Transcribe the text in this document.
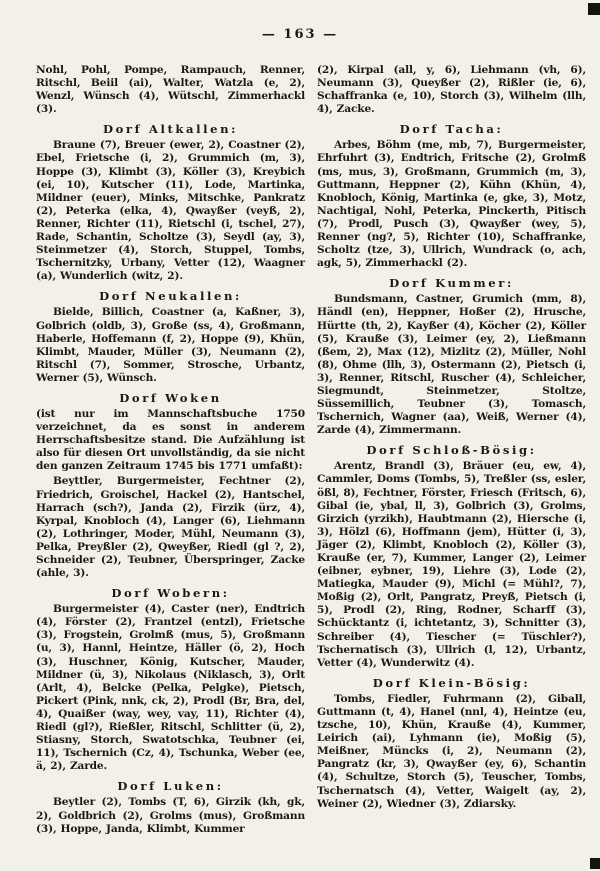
— 163 —

Nohl, Pohl, Pompe, Rampauch, Renner, Ritschl, Beiil (ai), Walter, Watzla (e, 2), Wenzl, Wünsch (4), Wütschl, Zimmerhackl (3).

Dorf Altkallen:

Braune (7), Breuer (ewer, 2), Coastner (2), Ebel, Frietsche (i, 2), Grummich (m, 3), Hoppe (3), Klimbt (3), Köller (3), Kreybich (ei, 10), Kutscher (11), Lode, Martinka, Mildner (euer), Minks, Mitschke, Pankratz (2), Peterka (elka, 4), Qwayßer (veyß, 2), Renner, Richter (11), Rietschl (i, tschel, 27), Rade, Schantin, Scholtze (3), Seydl (ay, 3), Steinmetzer (4), Storch, Stuppel, Tombs, Tschernitzky, Urbany, Vetter (12), Waagner (a), Wunderlich (witz, 2).

Dorf Neukallen:

Bielde, Billich, Coastner (a, Kaßner, 3), Golbrich (oldb, 3), Große (ss, 4), Großmann, Haberle, Hoffemann (f, 2), Hoppe (9), Khün, Klimbt, Mauder, Müller (3), Neumann (2), Ritschl (7), Sommer, Strosche, Urbantz, Werner (5), Wünsch.

Dorf Woken

(ist nur im Mannschaftsbuche 1750 verzeichnet, da es sonst in anderem Herrschaftsbesitze stand. Die Aufzählung ist also für diesen Ort unvollständig, da sie nicht den ganzen Zeitraum 1745 bis 1771 umfaßt):

Beyttler, Burgermeister, Fechtner (2), Friedrich, Groischel, Hackel (2), Hantschel, Harrach (sch?), Janda (2), Firzik (ürz, 4), Kyrpal, Knobloch (4), Langer (6), Liehmann (2), Lothringer, Moder, Mühl, Neumann (3), Pelka, Preyßler (2), Qweyßer, Riedl (gl ?, 2), Schneider (2), Teubner, Überspringer, Zacke (ahle, 3).

Dorf Wobern:

Burgermeister (4), Caster (ner), Endtrich (4), Förster (2), Frantzel (entzl), Frietsche (3), Frogstein, Grolmß (mus, 5), Großmann (u, 3), Hannl, Heintze, Häller (ö, 2), Hoch (3), Huschner, König, Kutscher, Mauder, Mildner (ü, 3), Nikolaus (Niklasch, 3), Orlt (Arlt, 4), Belcke (Pelka, Pelgke), Pietsch, Pickert (Pink, nnk, ck, 2), Prodl (Br, Bra, del, 4), Quaißer (way, wey, vay, 11), Richter (4), Riedl (gl?), Rießler, Ritschl, Schlitter (ü, 2), Stiasny, Storch, Swatotschka, Teubner (ei, 11), Tschernich (Cz, 4), Tschunka, Weber (ee, ä, 2), Zarde.

Dorf Luken:

Beytler (2), Tombs (T, 6), Girzik (kh, gk, 2), Goldbrich (2), Grolms (mus), Großmann (3), Hoppe, Janda, Klimbt, Kummer

(2), Kirpal (all, y, 6), Liehmann (vh, 6), Neumann (3), Queyßer (2), Rißler (ie, 6), Schaffranka (e, 10), Storch (3), Wilhelm (llh, 4), Zacke.

Dorf Tacha:

Arbes, Böhm (me, mb, 7), Burgermeister, Ehrfuhrt (3), Endtrich, Fritsche (2), Grolmß (ms, mus, 3), Großmann, Grummich (m, 3), Guttmann, Heppner (2), Kühn (Khün, 4), Knobloch, König, Martinka (e, gke, 3), Motz, Nachtigal, Nohl, Peterka, Pinckerth, Pitisch (7), Prodl, Pusch (3), Qwayßer (wey, 5), Renner (ng?, 5), Richter (10), Schaffranke, Scholtz (tze, 3), Ullrich, Wundrack (o, ach, agk, 5), Zimmerhackl (2).

Dorf Kummer:

Bundsmann, Castner, Grumich (mm, 8), Händl (en), Heppner, Hoßer (2), Hrusche, Hürtte (th, 2), Kayßer (4), Köcher (2), Köller (5), Krauße (3), Leimer (ey, 2), Ließmann (ßem, 2), Max (12), Mizlitz (2), Müller, Nohl (8), Ohme (llh, 3), Ostermann (2), Pietsch (i, 3), Renner, Ritschl, Ruscher (4), Schleicher, Siegmundt, Steinmetzer, Stoltze, Süssemillich, Teubner (3), Tomasch, Tschernich, Wagner (aa), Weiß, Werner (4), Zarde (4), Zimmermann.

Dorf Schloß-Bösig:

Arentz, Brandl (3), Bräuer (eu, ew, 4), Cammler, Doms (Tombs, 5), Treßler (ss, esler, ößl, 8), Fechtner, Förster, Friesch (Fritsch, 6), Gibal (ie, ybal, ll, 3), Golbrich (3), Grolms, Girzich (yrzikh), Haubtmann (2), Hiersche (i, 3), Hölzl (6), Hoffmann (jem), Hütter (i, 3), Jäger (2), Klimbt, Knobloch (2), Köller (3), Krauße (er, 7), Kummer, Langer (2), Leimer (eibner, eybner, 19), Liehre (3), Lode (2), Matiegka, Mauder (9), Michl (= Mühl?, 7), Moßig (2), Orlt, Pangratz, Preyß, Pietsch (i, 5), Prodl (2), Ring, Rodner, Scharff (3), Schücktantz (i, ichtetantz, 3), Schnitter (3), Schreiber (4), Tiescher (= Tüschler?), Tschernatisch (3), Ullrich (l, 12), Urbantz, Vetter (4), Wunderwitz (4).

Dorf Klein-Bösig:

Tombs, Fiedler, Fuhrmann (2), Giball, Guttmann (t, 4), Hanel (nnl, 4), Heintze (eu, tzsche, 10), Khün, Krauße (4), Kummer, Leirich (ai), Lyhmann (ie), Moßig (5), Meißner, Müncks (i, 2), Neumann (2), Pangratz (kr, 3), Qwayßer (ey, 6), Schantin (4), Schultze, Storch (5), Teuscher, Tombs, Tschernatsch (4), Vetter, Waigelt (ay, 2), Weiner (2), Wiedner (3), Zdiarsky.
